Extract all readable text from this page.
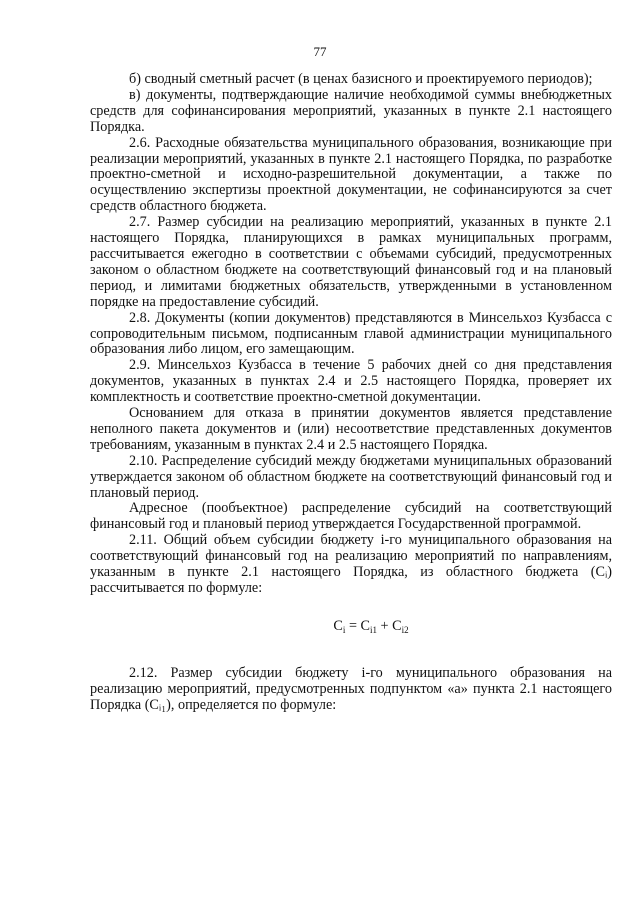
77

б) сводный сметный расчет (в ценах базисного и проектируемого периодов);

в) документы, подтверждающие наличие необходимой суммы внебюджетных средств для софинансирования мероприятий, указанных в пункте 2.1 настоящего Порядка.

2.6. Расходные обязательства муниципального образования, возникающие при реализации мероприятий, указанных в пункте 2.1 настоящего Порядка, по разработке проектно-сметной и исходно-разрешительной документации, а также по осуществлению экспертизы проектной документации, не софинансируются за счет средств областного бюджета.

2.7. Размер субсидии на реализацию мероприятий, указанных в пункте 2.1 настоящего Порядка, планирующихся в рамках муниципальных программ, рассчитывается ежегодно в соответствии с объемами субсидий, предусмотренных законом о областном бюджете на соответствующий финансовый год и на плановый период, и лимитами бюджетных обязательств, утвержденными в установленном порядке на предоставление субсидий.

2.8. Документы (копии документов) представляются в Минсельхоз Кузбасса с сопроводительным письмом, подписанным главой администрации муниципального образования либо лицом, его замещающим.

2.9. Минсельхоз Кузбасса в течение 5 рабочих дней со дня представления документов, указанных в пунктах 2.4 и 2.5 настоящего Порядка, проверяет их комплектность и соответствие проектно-сметной документации.

Основанием для отказа в принятии документов является представление неполного пакета документов и (или) несоответствие представленных документов требованиям, указанным в пунктах 2.4 и 2.5 настоящего Порядка.

2.10. Распределение субсидий между бюджетами муниципальных образований утверждается законом об областном бюджете на соответствующий финансовый год и плановый период.

Адресное (пообъектное) распределение субсидий на соответствующий финансовый год и плановый период утверждается Государственной программой.

2.11. Общий объем субсидии бюджету i-го муниципального образования на соответствующий финансовый год на реализацию мероприятий по направлениям, указанным в пункте 2.1 настоящего Порядка, из областного бюджета (Сᵢ) рассчитывается по формуле:

$C_i = C_{i1} + C_{i2}$

2.12. Размер субсидии бюджету i-го муниципального образования на реализацию мероприятий, предусмотренных подпунктом «а» пункта 2.1 настоящего Порядка (Сᵢ₁), определяется по формуле:
